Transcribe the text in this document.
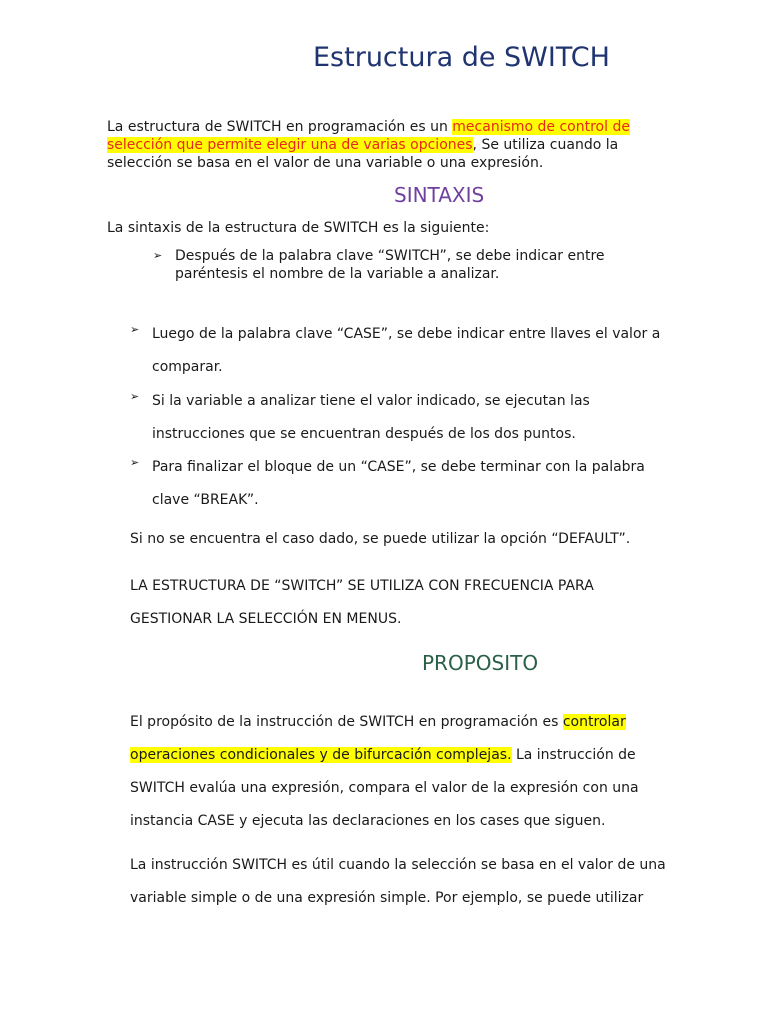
Estructura de SWITCH

La estructura de SWITCH en programación es un mecanismo de control de selección que permite elegir una de varias opciones, Se utiliza cuando la selección se basa en el valor de una variable o una expresión.

SINTAXIS

La sintaxis de la estructura de SWITCH es la siguiente:

➢ Después de la palabra clave “SWITCH”, se debe indicar entre paréntesis el nombre de la variable a analizar.
➢ Luego de la palabra clave “CASE”, se debe indicar entre llaves el valor a comparar.
➢ Si la variable a analizar tiene el valor indicado, se ejecutan las instrucciones que se encuentran después de los dos puntos.
➢ Para finalizar el bloque de un “CASE”, se debe terminar con la palabra clave “BREAK”.

Si no se encuentra el caso dado, se puede utilizar la opción “DEFAULT”.

LA ESTRUCTURA DE “SWITCH” SE UTILIZA CON FRECUENCIA PARA GESTIONAR LA SELECCIÓN EN MENUS.

PROPOSITO

El propósito de la instrucción de SWITCH en programación es controlar operaciones condicionales y de bifurcación complejas. La instrucción de SWITCH evalúa una expresión, compara el valor de la expresión con una instancia CASE y ejecuta las declaraciones en los cases que siguen.

La instrucción SWITCH es útil cuando la selección se basa en el valor de una variable simple o de una expresión simple. Por ejemplo, se puede utilizar
